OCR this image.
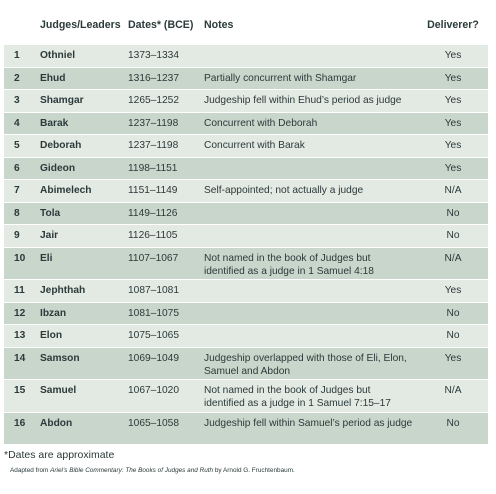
	Judges/Leaders	Dates* (BCE)	Notes	Deliverer?
1	Othniel	1373–1334		Yes
2	Ehud	1316–1237	Partially concurrent with Shamgar	Yes
3	Shamgar	1265–1252	Judgeship fell within Ehud’s period as judge	Yes
4	Barak	1237–1198	Concurrent with Deborah	Yes
5	Deborah	1237–1198	Concurrent with Barak	Yes
6	Gideon	1198–1151		Yes
7	Abimelech	1151–1149	Self-appointed; not actually a judge	N/A
8	Tola	1149–1126		No
9	Jair	1126–1105		No
10	Eli	1107–1067	Not named in the book of Judges but identified as a judge in 1 Samuel 4:18	N/A
11	Jephthah	1087–1081		Yes
12	Ibzan	1081–1075		No
13	Elon	1075–1065		No
14	Samson	1069–1049	Judgeship overlapped with those of Eli, Elon, Samuel and Abdon	Yes
15	Samuel	1067–1020	Not named in the book of Judges but identified as a judge in 1 Samuel 7:15–17	N/A
16	Abdon	1065–1058	Judgeship fell within Samuel’s period as judge	No
*Dates are approximate
Adapted from Ariel’s Bible Commentary: The Books of Judges and Ruth by Arnold G. Fruchtenbaum.
